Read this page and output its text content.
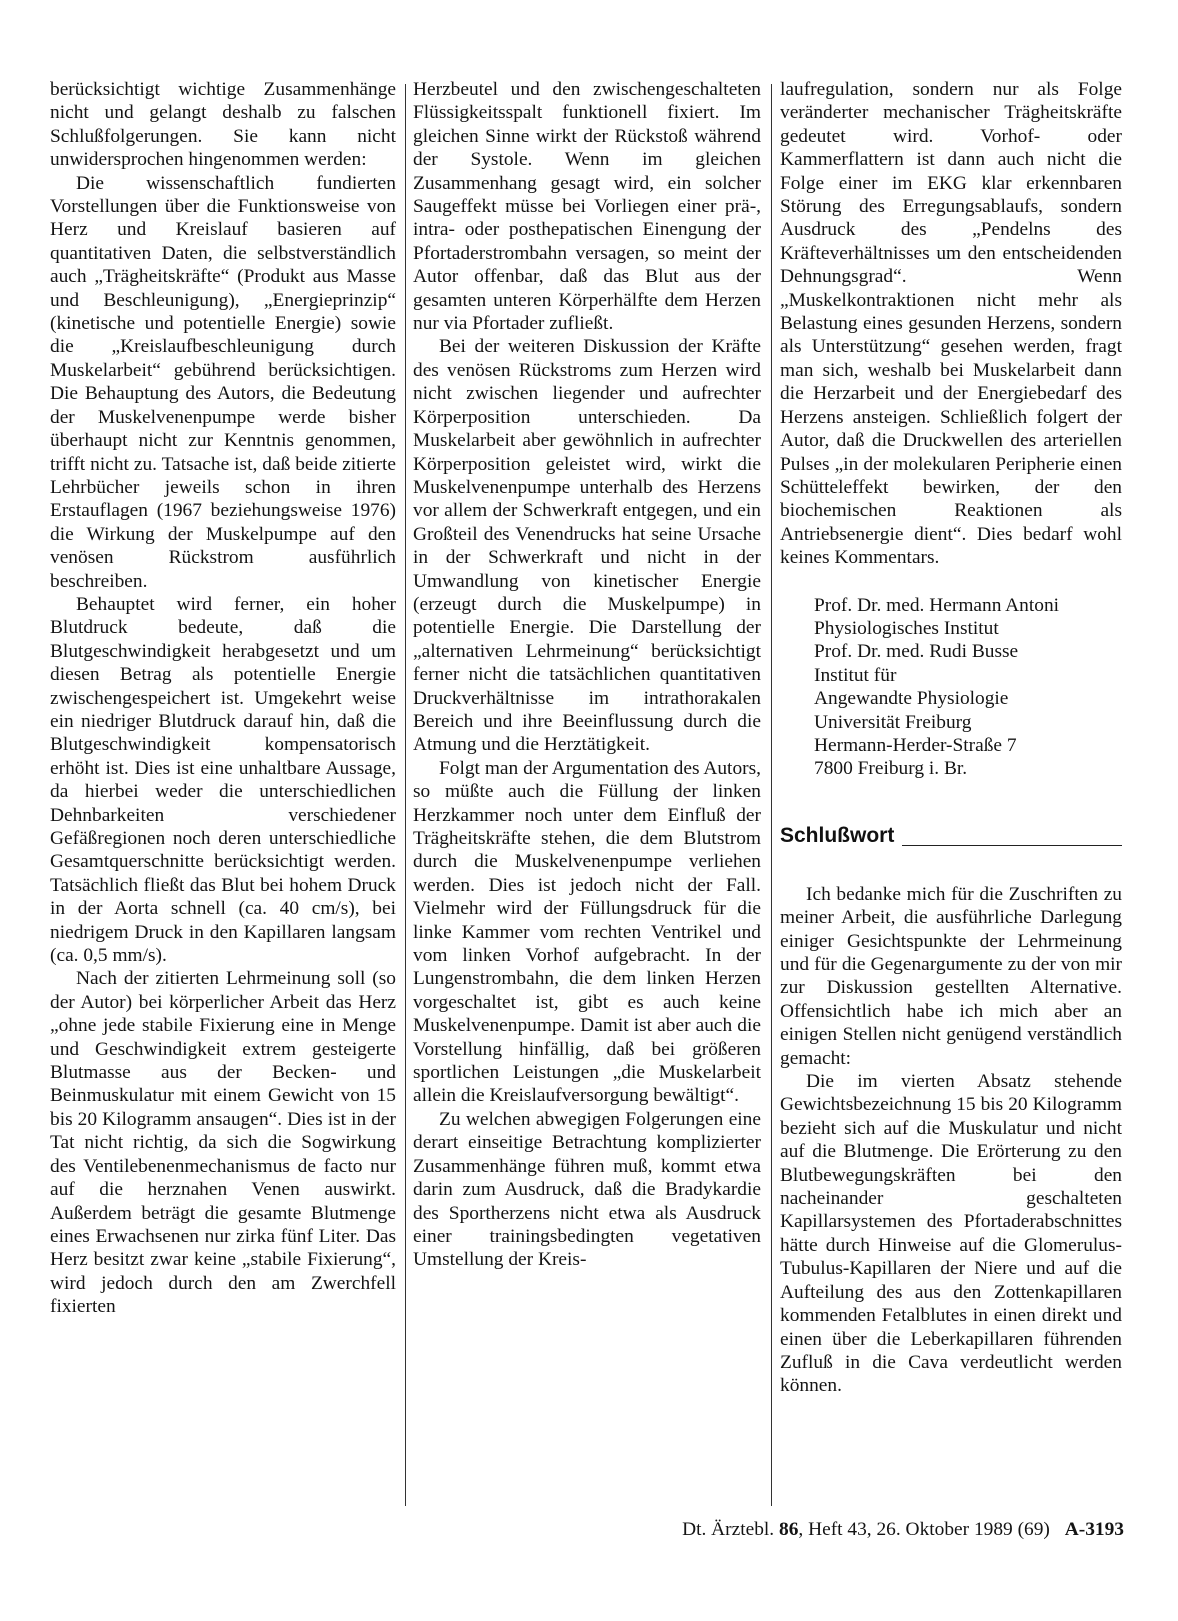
berücksichtigt wichtige Zusammenhänge nicht und gelangt deshalb zu falschen Schlußfolgerungen. Sie kann nicht unwidersprochen hingenommen werden:

Die wissenschaftlich fundierten Vorstellungen über die Funktionsweise von Herz und Kreislauf basieren auf quantitativen Daten, die selbstverständlich auch „Trägheitskräfte“ (Produkt aus Masse und Beschleunigung), „Energieprinzip“ (kinetische und potentielle Energie) sowie die „Kreislaufbeschleunigung durch Muskelarbeit“ gebührend berücksichtigen. Die Behauptung des Autors, die Bedeutung der Muskelvenenpumpe werde bisher überhaupt nicht zur Kenntnis genommen, trifft nicht zu. Tatsache ist, daß beide zitierte Lehrbücher jeweils schon in ihren Erstauflagen (1967 beziehungsweise 1976) die Wirkung der Muskelpumpe auf den venösen Rückstrom ausführlich beschreiben.

Behauptet wird ferner, ein hoher Blutdruck bedeute, daß die Blutgeschwindigkeit herabgesetzt und um diesen Betrag als potentielle Energie zwischengespeichert ist. Umgekehrt weise ein niedriger Blutdruck darauf hin, daß die Blutgeschwindigkeit kompensatorisch erhöht ist. Dies ist eine unhaltbare Aussage, da hierbei weder die unterschiedlichen Dehnbarkeiten verschiedener Gefäßregionen noch deren unterschiedliche Gesamtquerschnitte berücksichtigt werden. Tatsächlich fließt das Blut bei hohem Druck in der Aorta schnell (ca. 40 cm/s), bei niedrigem Druck in den Kapillaren langsam (ca. 0,5 mm/s).

Nach der zitierten Lehrmeinung soll (so der Autor) bei körperlicher Arbeit das Herz „ohne jede stabile Fixierung eine in Menge und Geschwindigkeit extrem gesteigerte Blutmasse aus der Becken- und Beinmuskulatur mit einem Gewicht von 15 bis 20 Kilogramm ansaugen“. Dies ist in der Tat nicht richtig, da sich die Sogwirkung des Ventilebenenmechanismus de facto nur auf die herznahen Venen auswirkt. Außerdem beträgt die gesamte Blutmenge eines Erwachsenen nur zirka fünf Liter. Das Herz besitzt zwar keine „stabile Fixierung“, wird jedoch durch den am Zwerchfell fixierten

Herzbeutel und den zwischengeschalteten Flüssigkeitsspalt funktionell fixiert. Im gleichen Sinne wirkt der Rückstoß während der Systole. Wenn im gleichen Zusammenhang gesagt wird, ein solcher Saugeffekt müsse bei Vorliegen einer prä-, intra- oder posthepatischen Einengung der Pfortaderstrombahn versagen, so meint der Autor offenbar, daß das Blut aus der gesamten unteren Körperhälfte dem Herzen nur via Pfortader zufließt.

Bei der weiteren Diskussion der Kräfte des venösen Rückstroms zum Herzen wird nicht zwischen liegender und aufrechter Körperposition unterschieden. Da Muskelarbeit aber gewöhnlich in aufrechter Körperposition geleistet wird, wirkt die Muskelvenenpumpe unterhalb des Herzens vor allem der Schwerkraft entgegen, und ein Großteil des Venendrucks hat seine Ursache in der Schwerkraft und nicht in der Umwandlung von kinetischer Energie (erzeugt durch die Muskelpumpe) in potentielle Energie. Die Darstellung der „alternativen Lehrmeinung“ berücksichtigt ferner nicht die tatsächlichen quantitativen Druckverhältnisse im intrathorakalen Bereich und ihre Beeinflussung durch die Atmung und die Herztätigkeit.

Folgt man der Argumentation des Autors, so müßte auch die Füllung der linken Herzkammer noch unter dem Einfluß der Trägheitskräfte stehen, die dem Blutstrom durch die Muskelvenenpumpe verliehen werden. Dies ist jedoch nicht der Fall. Vielmehr wird der Füllungsdruck für die linke Kammer vom rechten Ventrikel und vom linken Vorhof aufgebracht. In der Lungenstrombahn, die dem linken Herzen vorgeschaltet ist, gibt es auch keine Muskelvenenpumpe. Damit ist aber auch die Vorstellung hinfällig, daß bei größeren sportlichen Leistungen „die Muskelarbeit allein die Kreislaufversorgung bewältigt“.

Zu welchen abwegigen Folgerungen eine derart einseitige Betrachtung komplizierter Zusammenhänge führen muß, kommt etwa darin zum Ausdruck, daß die Bradykardie des Sportherzens nicht etwa als Ausdruck einer trainingsbedingten vegetativen Umstellung der Kreis-

laufregulation, sondern nur als Folge veränderter mechanischer Trägheitskräfte gedeutet wird. Vorhof- oder Kammerflattern ist dann auch nicht die Folge einer im EKG klar erkennbaren Störung des Erregungsablaufs, sondern Ausdruck des „Pendelns des Kräfteverhältnisses um den entscheidenden Dehnungsgrad“. Wenn „Muskelkontraktionen nicht mehr als Belastung eines gesunden Herzens, sondern als Unterstützung“ gesehen werden, fragt man sich, weshalb bei Muskelarbeit dann die Herzarbeit und der Energiebedarf des Herzens ansteigen. Schließlich folgert der Autor, daß die Druckwellen des arteriellen Pulses „in der molekularen Peripherie einen Schütteleffekt bewirken, der den biochemischen Reaktionen als Antriebsenergie dient“. Dies bedarf wohl keines Kommentars.

Prof. Dr. med. Hermann Antoni
Physiologisches Institut
Prof. Dr. med. Rudi Busse
Institut für
Angewandte Physiologie
Universität Freiburg
Hermann-Herder-Straße 7
7800 Freiburg i. Br.
Schlußwort

Ich bedanke mich für die Zuschriften zu meiner Arbeit, die ausführliche Darlegung einiger Gesichtspunkte der Lehrmeinung und für die Gegenargumente zu der von mir zur Diskussion gestellten Alternative. Offensichtlich habe ich mich aber an einigen Stellen nicht genügend verständlich gemacht:

Die im vierten Absatz stehende Gewichtsbezeichnung 15 bis 20 Kilogramm bezieht sich auf die Muskulatur und nicht auf die Blutmenge. Die Erörterung zu den Blutbewegungskräften bei den nacheinander geschalteten Kapillarsystemen des Pfortaderabschnittes hätte durch Hinweise auf die Glomerulus-Tubulus-Kapillaren der Niere und auf die Aufteilung des aus den Zottenkapillaren kommenden Fetalblutes in einen direkt und einen über die Leberkapillaren führenden Zufluß in die Cava verdeutlicht werden können.

Dt. Ärztebl. 86, Heft 43, 26. Oktober 1989 (69) A-3193
